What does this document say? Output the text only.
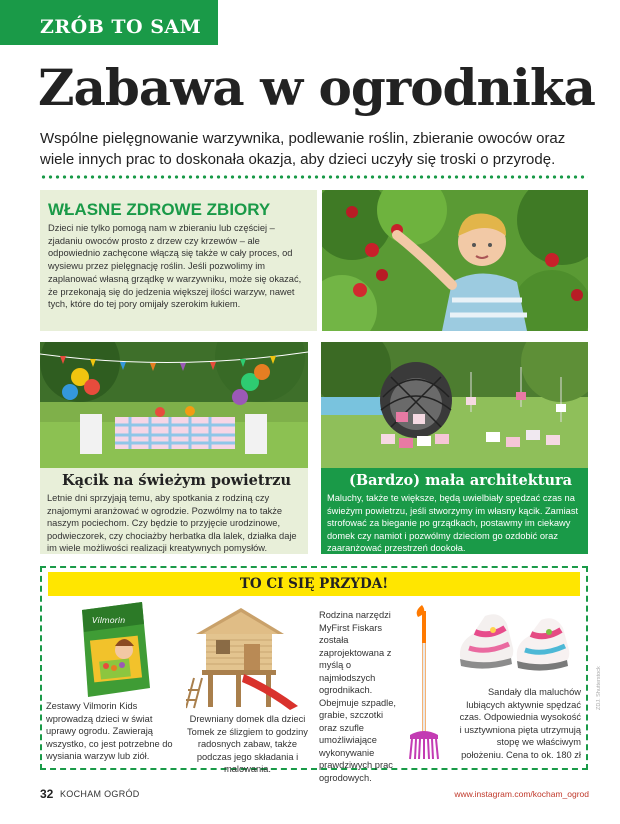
ZRÓB TO SAM
Zabawa w ogrodnika

Wspólne pielęgnowanie warzywnika, podlewanie roślin, zbieranie owoców oraz wiele innych prac to doskonała okazja, aby dzieci uczyły się troski o przyrodę.

WŁASNE ZDROWE ZBIORY

Dzieci nie tylko pomogą nam w zbieraniu lub częściej – zjadaniu owoców prosto z drzew czy krzewów – ale odpowiednio zachęcone włączą się także w cały proces, od wysiewu przez pielęgnację roślin. Jeśli pozwolimy im zaplanować własną grządkę w warzywniku, może się okazać, że przekonają się do jedzenia większej ilości warzyw, nawet tych, które do tej pory omijały szerokim łukiem.

Kącik na świeżym powietrzu

Letnie dni sprzyjają temu, aby spotkania z rodziną czy znajomymi aranżować w ogrodzie. Pozwólmy na to także naszym pociechom. Czy będzie to przyjęcie urodzinowe, podwieczorek, czy chociażby herbatka dla lalek, działka daje im wiele możliwości realizacji kreatywnych pomysłów.

(Bardzo) mała architektura

Maluchy, także te większe, będą uwielbiały spędzać czas na świeżym powietrzu, jeśli stworzymy im własny kącik. Zamiast strofować za bieganie po grządkach, postawmy im ciekawy domek czy namiot i pozwólmy dzieciom go ozdobić oraz zaaranżować przestrzeń dookoła.

TO CI SIĘ PRZYDA!
Vilmorin

Zestawy Vilmorin Kids wprowadzą dzieci w świat uprawy ogrodu. Zawierają wszystko, co jest potrzebne do wysiania warzyw lub ziół.

Drewniany domek dla dzieci Tomek ze ślizgiem to godziny radosnych zabaw, także podczas jego składania i malowania.

Rodzina narzędzi MyFirst Fiskars została zaprojektowana z myślą o najmłodszych ogrodnikach. Obejmuje szpadle, grabie, szczotki oraz szufle umożliwiające wykonywanie prawdziwych prac ogrodowych.

Sandały dla maluchów lubiących aktywnie spędzać czas. Odpowiednia wysokość i usztywniona pięta utrzymują stopę we właściwym położeniu. Cena to ok. 180 zł

ZDJ. Shutterstock
32 KOCHAM OGRÓD	www.instagram.com/kocham_ogrod
